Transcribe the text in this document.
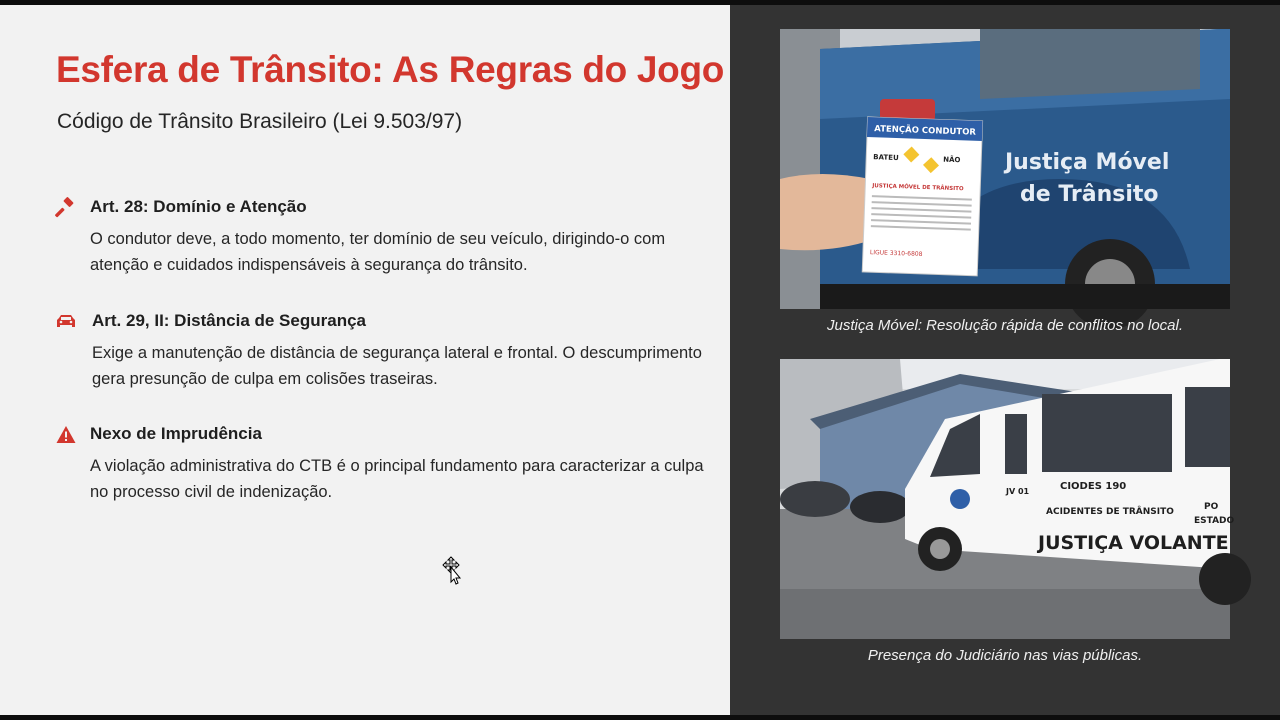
Esfera de Trânsito: As Regras do Jogo

Código de Trânsito Brasileiro (Lei 9.503/97)

Art. 28: Domínio e Atenção

O condutor deve, a todo momento, ter domínio de seu veículo, dirigindo-o com atenção e cuidados indispensáveis à segurança do trânsito.

Art. 29, II: Distância de Segurança

Exige a manutenção de distância de segurança lateral e frontal. O descumprimento gera presunção de culpa em colisões traseiras.

Nexo de Imprudência

A violação administrativa do CTB é o principal fundamento para caracterizar a culpa no processo civil de indenização.

Justiça Móvel
de Trânsito
ATENÇÃO CONDUTOR
BATEU	NÃO
JUSTIÇA MÓVEL DE TRÂNSITO
LIGUE 3310-6808

Justiça Móvel: Resolução rápida de conflitos no local.

CIODES 190
ACIDENTES DE TRÂNSITO
JUSTIÇA VOLANTE
JV 01
PO
ESTADO

Presença do Judiciário nas vias públicas.
